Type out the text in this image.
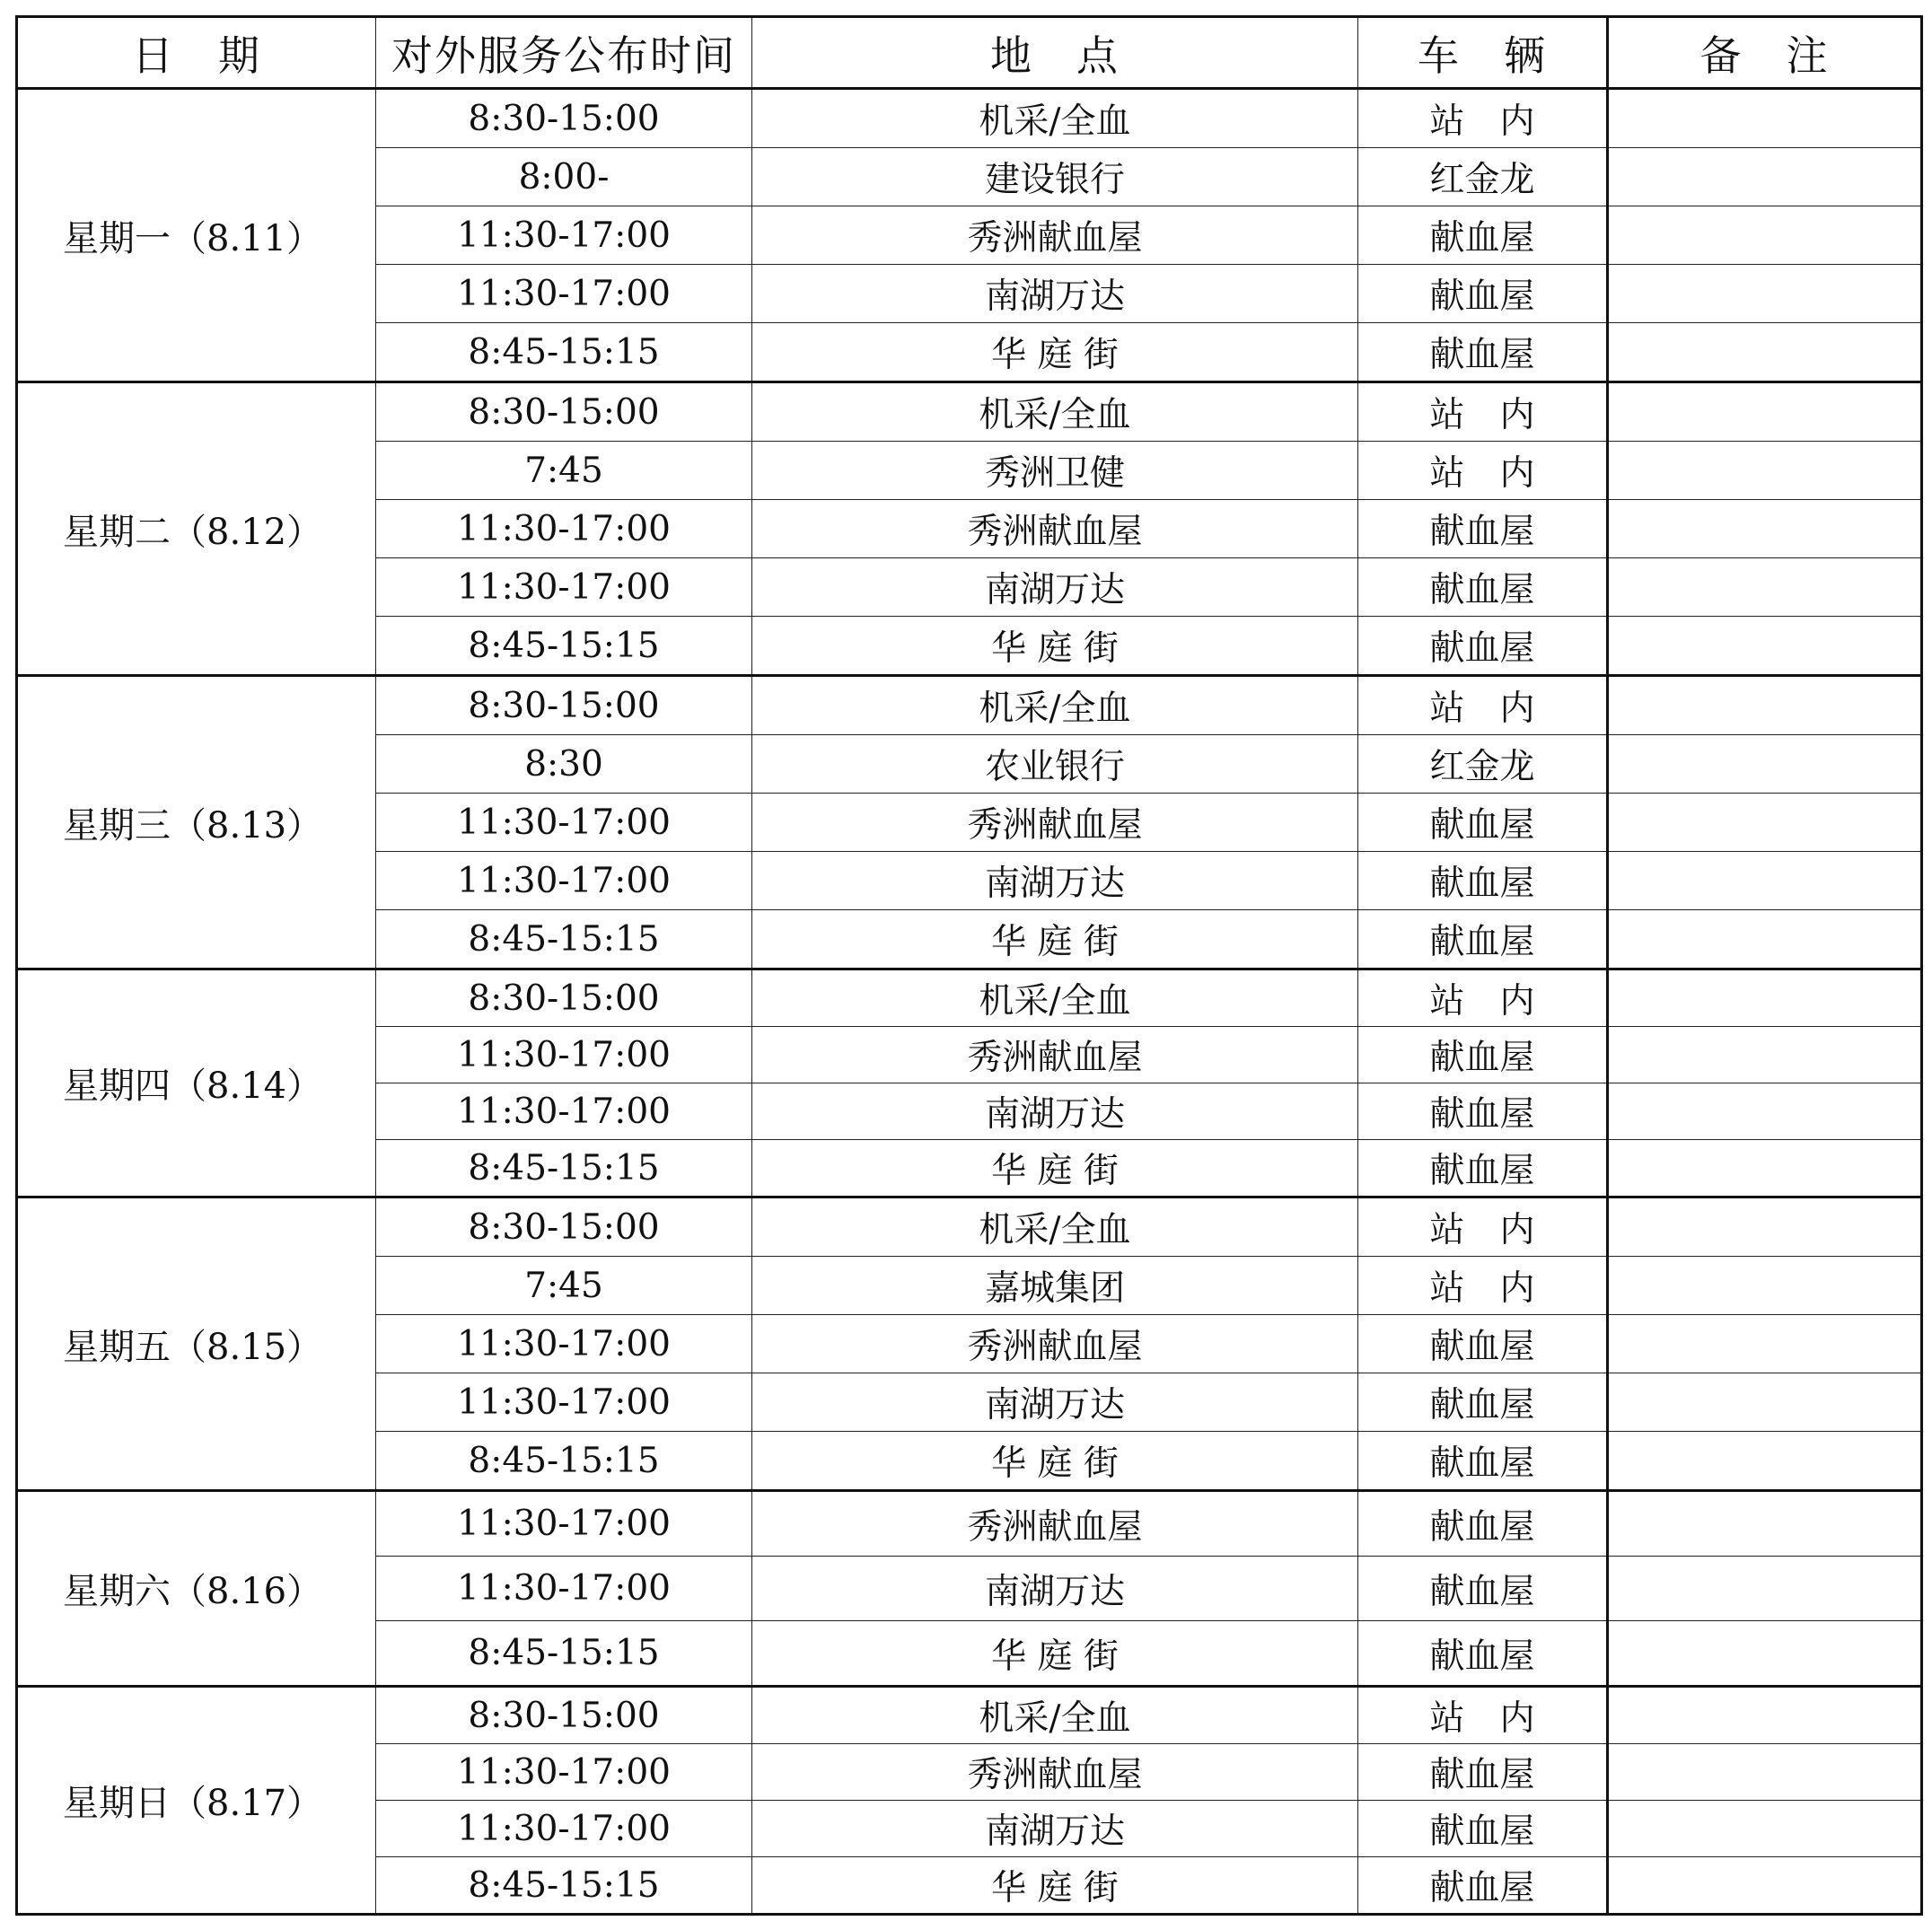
日　期	对外服务公布时间	地　点	车　辆	备　注
星期一（8.11）	8:30-15:00	机采/全血	站　内	
	8:00-	建设银行	红金龙	
	11:30-17:00	秀洲献血屋	献血屋	
	11:30-17:00	南湖万达	献血屋	
	8:45-15:15	华 庭 街	献血屋	
星期二（8.12）	8:30-15:00	机采/全血	站　内	
	7:45	秀洲卫健	站　内	
	11:30-17:00	秀洲献血屋	献血屋	
	11:30-17:00	南湖万达	献血屋	
	8:45-15:15	华 庭 街	献血屋	
星期三（8.13）	8:30-15:00	机采/全血	站　内	
	8:30	农业银行	红金龙	
	11:30-17:00	秀洲献血屋	献血屋	
	11:30-17:00	南湖万达	献血屋	
	8:45-15:15	华 庭 街	献血屋	
星期四（8.14）	8:30-15:00	机采/全血	站　内	
	11:30-17:00	秀洲献血屋	献血屋	
	11:30-17:00	南湖万达	献血屋	
	8:45-15:15	华 庭 街	献血屋	
星期五（8.15）	8:30-15:00	机采/全血	站　内	
	7:45	嘉城集团	站　内	
	11:30-17:00	秀洲献血屋	献血屋	
	11:30-17:00	南湖万达	献血屋	
	8:45-15:15	华 庭 街	献血屋	
星期六（8.16）	11:30-17:00	秀洲献血屋	献血屋	
	11:30-17:00	南湖万达	献血屋	
	8:45-15:15	华 庭 街	献血屋	
星期日（8.17）	8:30-15:00	机采/全血	站　内	
	11:30-17:00	秀洲献血屋	献血屋	
	11:30-17:00	南湖万达	献血屋	
	8:45-15:15	华 庭 街	献血屋	
